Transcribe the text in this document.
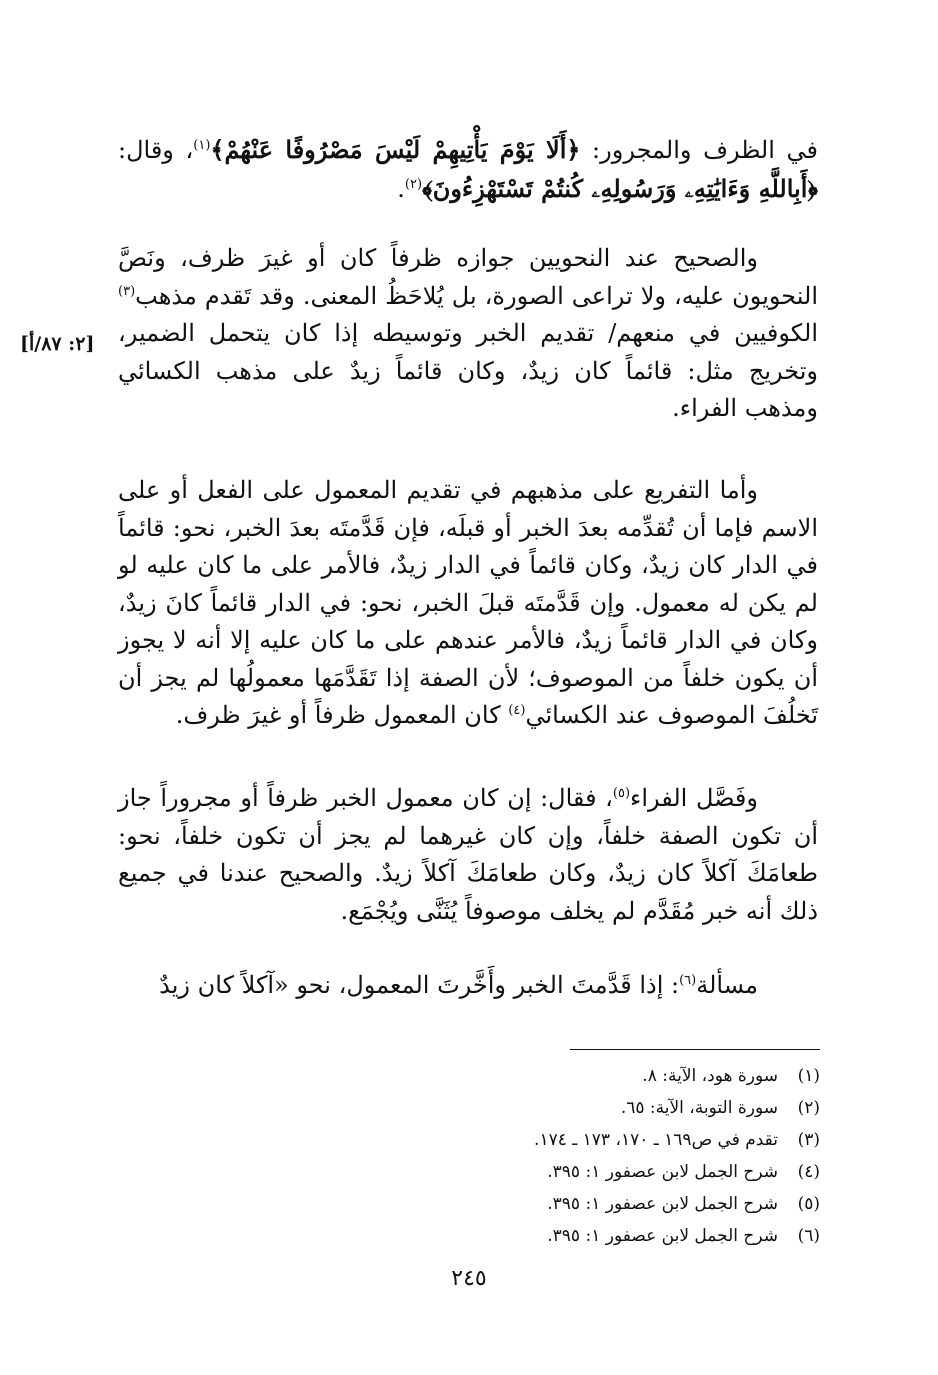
في الظرف والمجرور: ﴿أَلَا يَوْمَ يَأْتِيهِمْ لَيْسَ مَصْرُوفًا عَنْهُمْ﴾$^{(١)}$، وقال: ﴿أَبِاللَّهِ وَءَايَٰتِهِۦ وَرَسُولِهِۦ كُنتُمْ تَسْتَهْزِءُونَ﴾$^{(٢)}$.

والصحيح عند النحويين جوازه ظرفاً كان أو غيرَ ظرف، ونَصَّ النحويون عليه، ولا تراعى الصورة، بل يُلاحَظُ المعنى. وقد تَقدم مذهب$^{(٣)}$ الكوفيين في منعهم/ تقديم الخبر وتوسيطه إذا كان يتحمل الضمير، وتخريج مثل: قائماً كان زيدٌ، وكان قائماً زيدٌ على مذهب الكسائي ومذهب الفراء.

[٢: ٨٧/أ]

وأما التفريع على مذهبهم في تقديم المعمول على الفعل أو على الاسم فإما أن تُقدِّمه بعدَ الخبر أو قبلَه، فإن قَدَّمتَه بعدَ الخبر، نحو: قائماً في الدار كان زيدٌ، وكان قائماً في الدار زيدٌ، فالأمر على ما كان عليه لو لم يكن له معمول. وإن قَدَّمتَه قبلَ الخبر، نحو: في الدار قائماً كانَ زيدٌ، وكان في الدار قائماً زيدٌ، فالأمر عندهم على ما كان عليه إلا أنه لا يجوز أن يكون خلفاً من الموصوف؛ لأن الصفة إذا تَقَدَّمَها معمولُها لم يجز أن تَخلُفَ الموصوف عند الكسائي$^{(٤)}$ كان المعمول ظرفاً أو غيرَ ظرف.

وفَصَّل الفراء$^{(٥)}$، فقال: إن كان معمول الخبر ظرفاً أو مجروراً جاز أن تكون الصفة خلفاً، وإن كان غيرهما لم يجز أن تكون خلفاً، نحو: طعامَكَ آكلاً كان زيدٌ، وكان طعامَكَ آكلاً زيدٌ. والصحيح عندنا في جميع ذلك أنه خبر مُقَدَّم لم يخلف موصوفاً يُثَنَّى ويُجْمَع.

مسألة$^{(٦)}$: إذا قَدَّمتَ الخبر وأَخَّرتَ المعمول، نحو «آكلاً كان زيدٌ

(١)سورة هود، الآية: ٨.
(٢)سورة التوبة، الآية: ٦٥.
(٣)تقدم في ص١٦٩ ـ ١٧٠، ١٧٣ ـ ١٧٤.
(٤)شرح الجمل لابن عصفور ١: ٣٩٥.
(٥)شرح الجمل لابن عصفور ١: ٣٩٥.
(٦)شرح الجمل لابن عصفور ١: ٣٩٥.
٢٤٥
